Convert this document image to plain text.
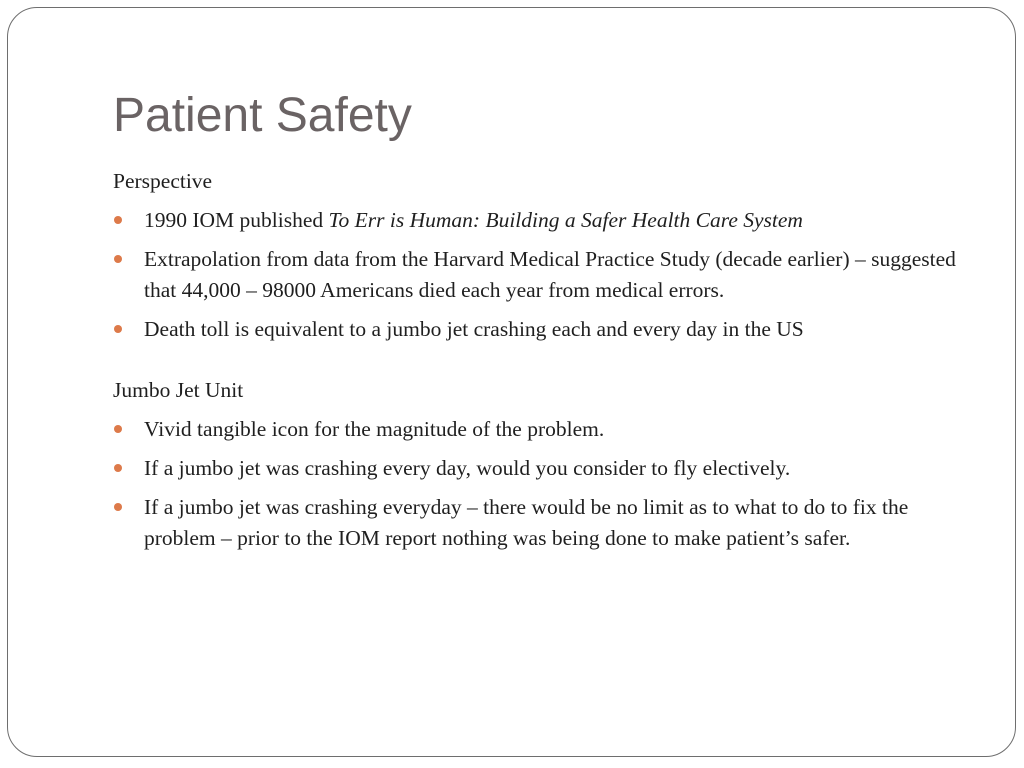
Patient Safety

Perspective

1990 IOM published To Err is Human: Building a Safer Health Care System
Extrapolation from data from the Harvard Medical Practice Study (decade earlier) – suggested that 44,000 – 98000 Americans died each year from medical errors.
Death toll is equivalent to a jumbo jet crashing each and every day in the US

Jumbo Jet Unit

Vivid tangible icon for the magnitude of the problem.
If a jumbo jet was crashing every day, would you consider to fly electively.
If a jumbo jet was crashing everyday – there would be no limit as to what to do to fix the problem – prior to the IOM report nothing was being done to make patient’s safer.
